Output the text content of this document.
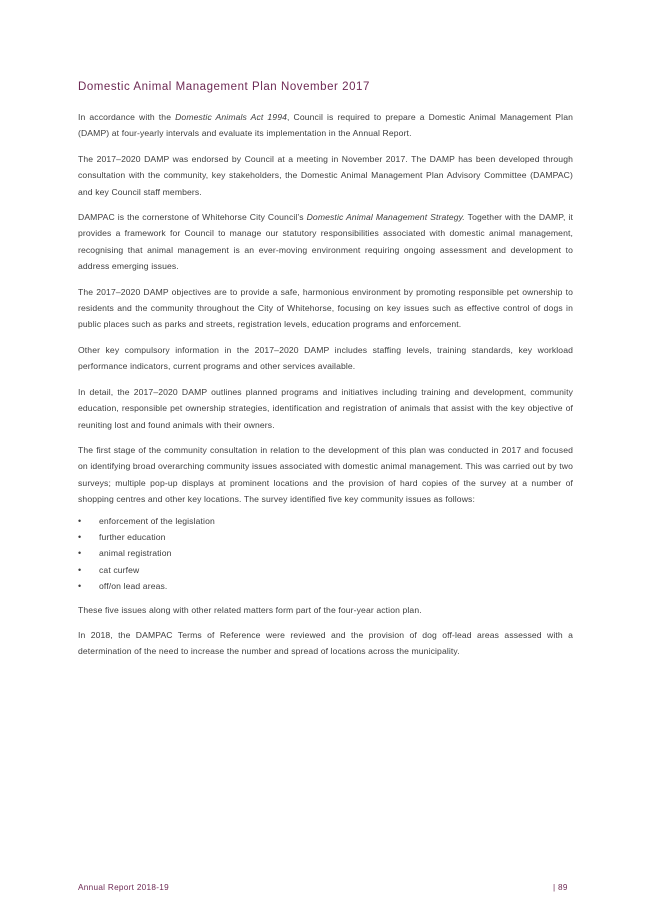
Domestic Animal Management Plan November 2017

In accordance with the Domestic Animals Act 1994, Council is required to prepare a Domestic Animal Management Plan (DAMP) at four-yearly intervals and evaluate its implementation in the Annual Report.

The 2017–2020 DAMP was endorsed by Council at a meeting in November 2017. The DAMP has been developed through consultation with the community, key stakeholders, the Domestic Animal Management Plan Advisory Committee (DAMPAC) and key Council staff members.

DAMPAC is the cornerstone of Whitehorse City Council’s Domestic Animal Management Strategy. Together with the DAMP, it provides a framework for Council to manage our statutory responsibilities associated with domestic animal management, recognising that animal management is an ever-moving environment requiring ongoing assessment and development to address emerging issues.

The 2017–2020 DAMP objectives are to provide a safe, harmonious environment by promoting responsible pet ownership to residents and the community throughout the City of Whitehorse, focusing on key issues such as effective control of dogs in public places such as parks and streets, registration levels, education programs and enforcement.

Other key compulsory information in the 2017–2020 DAMP includes staffing levels, training standards, key workload performance indicators, current programs and other services available.

In detail, the 2017–2020 DAMP outlines planned programs and initiatives including training and development, community education, responsible pet ownership strategies, identification and registration of animals that assist with the key objective of reuniting lost and found animals with their owners.

The first stage of the community consultation in relation to the development of this plan was conducted in 2017 and focused on identifying broad overarching community issues associated with domestic animal management. This was carried out by two surveys; multiple pop-up displays at prominent locations and the provision of hard copies of the survey at a number of shopping centres and other key locations. The survey identified five key community issues as follows:

• enforcement of the legislation
• further education
• animal registration
• cat curfew
• off/on lead areas.

These five issues along with other related matters form part of the four-year action plan.

In 2018, the DAMPAC Terms of Reference were reviewed and the provision of dog off-lead areas assessed with a determination of the need to increase the number and spread of locations across the municipality.

Annual Report 2018-19	| 89
